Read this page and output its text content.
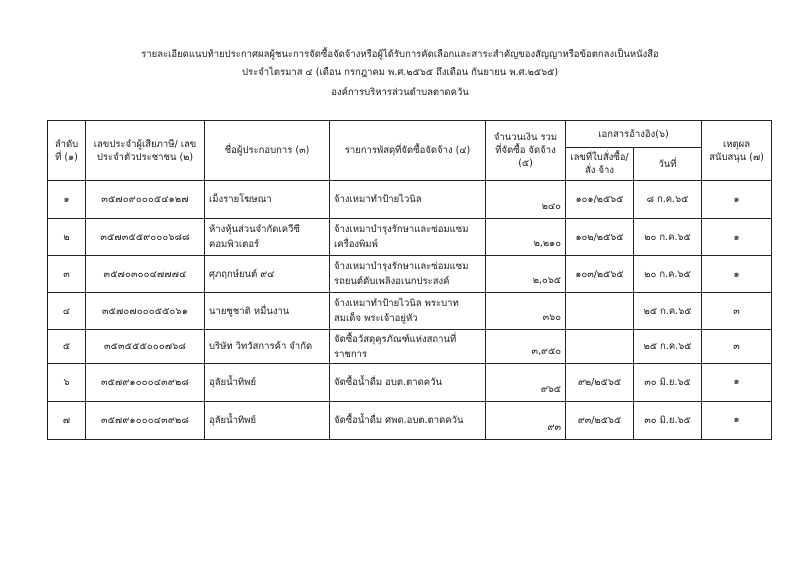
รายละเอียดแนบท้ายประกาศผลผู้ชนะการจัดซื้อจัดจ้างหรือผู้ได้รับการคัดเลือกและสาระสำคัญของสัญญาหรือข้อตกลงเป็นหนังสือ
ประจำไตรมาส ๔ (เดือน กรกฎาคม พ.ศ.๒๕๖๕ ถึงเดือน กันยายน พ.ศ.๒๕๖๕)
องค์การบริหารส่วนตำบลตาดควัน
ลำดับ ที่ (๑)	เลขประจำผู้เสียภาษี/ เลข ประจำตัวประชาชน (๒)	ชื่อผู้ประกอบการ (๓)	รายการพัสดุที่จัดซื้อจัดจ้าง (๔)	จำนวนเงิน รวม ที่จัดซื้อ จัดจ้าง (๕)	เอกสารอ้างอิง(๖)		เหตุผล สนับสนุน (๗)
					เลขที่ใบสั่งซื้อ/สั่ง จ้าง	วันที่	
๑	๓๕๗๐๙๐๐๐๕๔๑๒๗	เม็งรายโฆษณา	จ้างเหมาทำป้ายไวนิล	๒๔๐	๑๐๑/๒๕๖๕	๘ ก.ค.๖๕	๑
๒	๓๕๗๓๕๕๙๐๐๐๖๘๘	ห้างหุ้นส่วนจำกัดเควีซี คอมพิวเตอร์	จ้างเหมาบำรุงรักษาและซ่อมแซม เครื่องพิมพ์	๒,๒๑๐	๑๐๒/๒๕๖๕	๒๐ ก.ค.๖๕	๑
๓	๓๕๗๐๓๐๐๔๗๗๗๔	ศุภฤกษ์ยนต์ ๙๔	จ้างเหมาบำรุงรักษาและซ่อมแซม รถยนต์ดับเพลิงอเนกประสงค์	๒,๐๖๕	๑๐๓/๒๕๖๕	๒๐ ก.ค.๖๕	๑
๔	๓๕๗๐๗๐๐๐๕๕๐๖๑	นายชูชาติ หมื่นงาน	จ้างเหมาทำป้ายไวนิล พระบาทสมเด็จ พระเจ้าอยู่หัว	๓๖๐		๒๕ ก.ค.๖๕	๓
๕	๓๕๓๕๕๕๐๐๐๗๖๘	บริษัท วิทวัสการค้า จำกัด	จัดซื้อวัสดุคุรภัณฑ์แห่งสถานที่ราชการ	๓,๙๕๐		๒๕ ก.ค.๖๕	๓
๖	๓๕๗๙๑๐๐๐๔๓๙๒๘	อุลัยน้ำทิพย์	จัดซื้อน้ำดื่ม อบต.ตาดควัน	๙๖๕	๙๒/๒๕๖๕	๓๐ มิ.ย.๖๕	๑
๗	๓๕๗๙๑๐๐๐๔๓๙๒๘	อุลัยน้ำทิพย์	จัดซื้อน้ำดื่ม ศพด.อบต.ตาดควัน	๙๓	๙๓/๒๕๖๕	๓๐ มิ.ย.๖๕	๑
